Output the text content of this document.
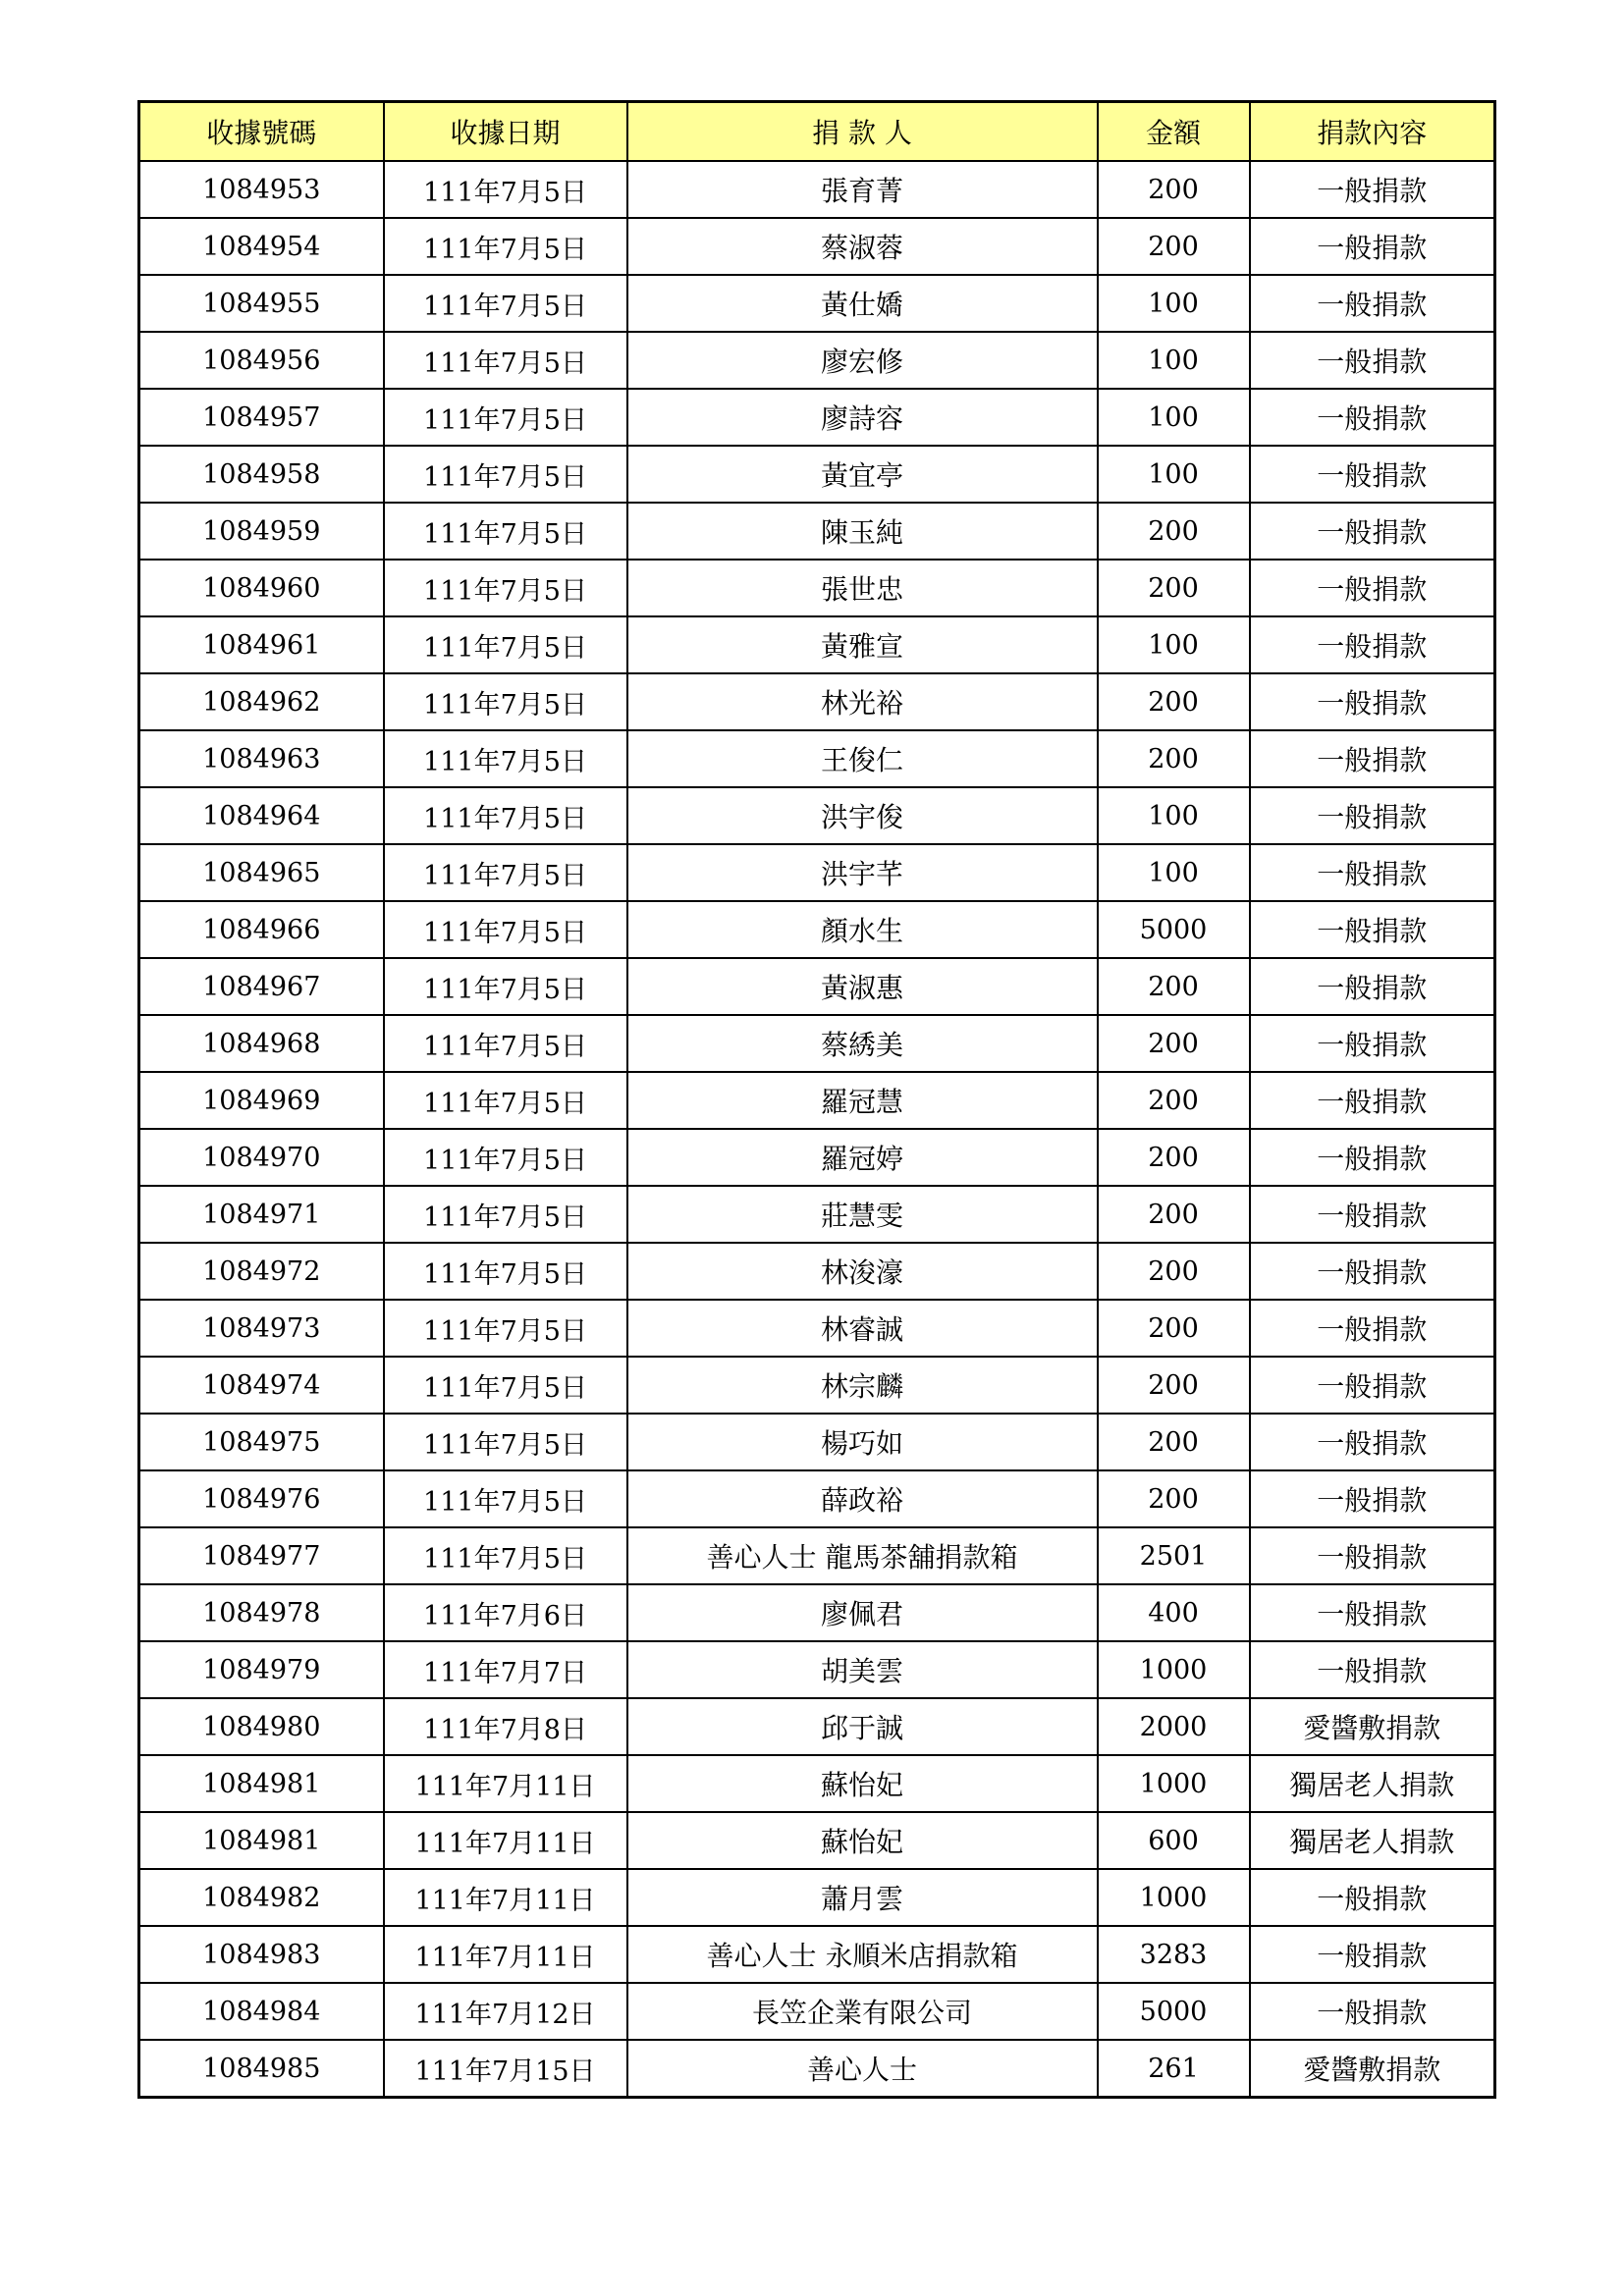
收據號碼	收據日期	捐 款 人	金額	捐款內容
1084953	111年7月5日	張育菁	200	一般捐款
1084954	111年7月5日	蔡淑蓉	200	一般捐款
1084955	111年7月5日	黃仕嬌	100	一般捐款
1084956	111年7月5日	廖宏修	100	一般捐款
1084957	111年7月5日	廖詩容	100	一般捐款
1084958	111年7月5日	黃宜亭	100	一般捐款
1084959	111年7月5日	陳玉純	200	一般捐款
1084960	111年7月5日	張世忠	200	一般捐款
1084961	111年7月5日	黃雅宣	100	一般捐款
1084962	111年7月5日	林光裕	200	一般捐款
1084963	111年7月5日	王俊仁	200	一般捐款
1084964	111年7月5日	洪宇俊	100	一般捐款
1084965	111年7月5日	洪宇芊	100	一般捐款
1084966	111年7月5日	顏水生	5000	一般捐款
1084967	111年7月5日	黃淑惠	200	一般捐款
1084968	111年7月5日	蔡綉美	200	一般捐款
1084969	111年7月5日	羅冠慧	200	一般捐款
1084970	111年7月5日	羅冠婷	200	一般捐款
1084971	111年7月5日	莊慧雯	200	一般捐款
1084972	111年7月5日	林浚濠	200	一般捐款
1084973	111年7月5日	林睿誠	200	一般捐款
1084974	111年7月5日	林宗麟	200	一般捐款
1084975	111年7月5日	楊巧如	200	一般捐款
1084976	111年7月5日	薛政裕	200	一般捐款
1084977	111年7月5日	善心人士 龍馬茶舖捐款箱	2501	一般捐款
1084978	111年7月6日	廖佩君	400	一般捐款
1084979	111年7月7日	胡美雲	1000	一般捐款
1084980	111年7月8日	邱于誠	2000	愛醬敷捐款
1084981	111年7月11日	蘇怡妃	1000	獨居老人捐款
1084981	111年7月11日	蘇怡妃	600	獨居老人捐款
1084982	111年7月11日	蕭月雲	1000	一般捐款
1084983	111年7月11日	善心人士 永順米店捐款箱	3283	一般捐款
1084984	111年7月12日	長笠企業有限公司	5000	一般捐款
1084985	111年7月15日	善心人士	261	愛醬敷捐款
